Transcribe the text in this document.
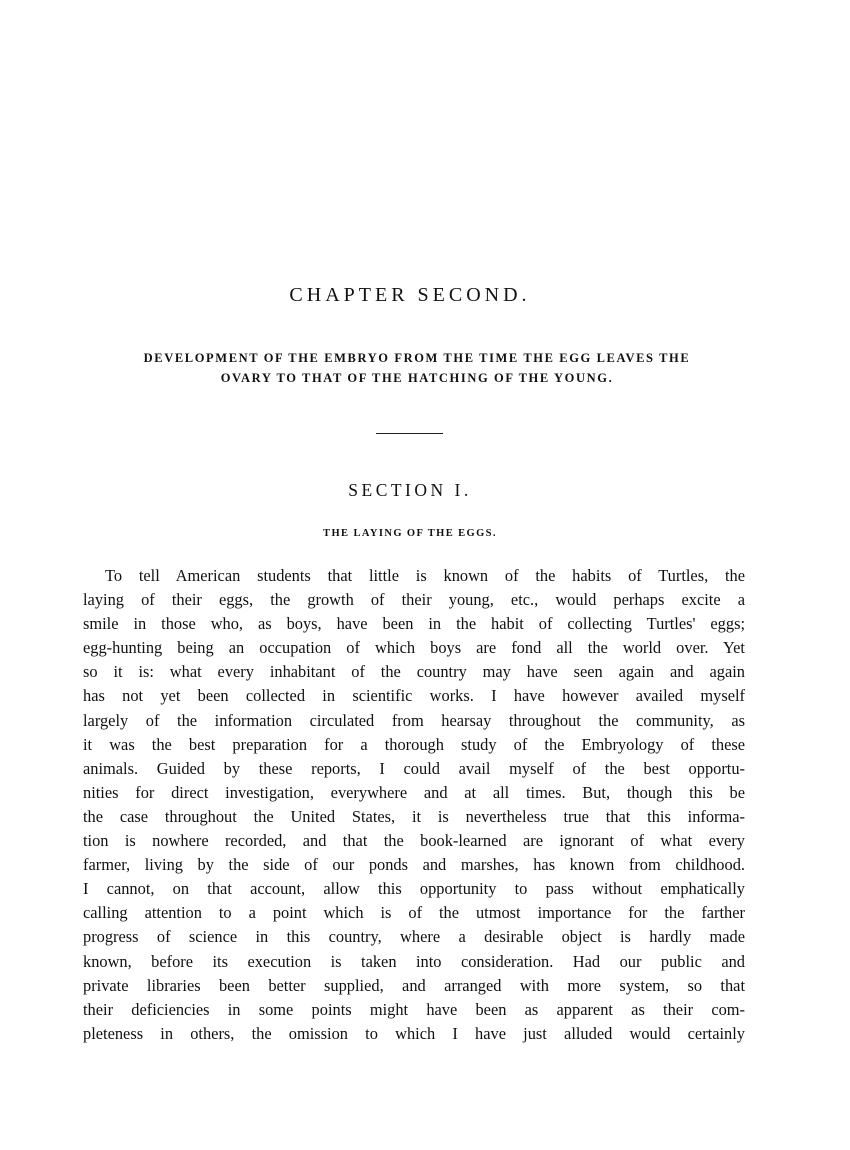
CHAPTER SECOND.
DEVELOPMENT OF THE EMBRYO FROM THE TIME THE EGG LEAVES THE
OVARY TO THAT OF THE HATCHING OF THE YOUNG.
SECTION I.
THE LAYING OF THE EGGS.
To tell American students that little is known of the habits of Turtles, the
laying of their eggs, the growth of their young, etc., would perhaps excite a
smile in those who, as boys, have been in the habit of collecting Turtles' eggs;
egg-hunting being an occupation of which boys are fond all the world over. Yet
so it is: what every inhabitant of the country may have seen again and again
has not yet been collected in scientific works. I have however availed myself
largely of the information circulated from hearsay throughout the community, as
it was the best preparation for a thorough study of the Embryology of these
animals. Guided by these reports, I could avail myself of the best opportu-
nities for direct investigation, everywhere and at all times. But, though this be
the case throughout the United States, it is nevertheless true that this informa-
tion is nowhere recorded, and that the book-learned are ignorant of what every
farmer, living by the side of our ponds and marshes, has known from childhood.
I cannot, on that account, allow this opportunity to pass without emphatically
calling attention to a point which is of the utmost importance for the farther
progress of science in this country, where a desirable object is hardly made
known, before its execution is taken into consideration. Had our public and
private libraries been better supplied, and arranged with more system, so that
their deficiencies in some points might have been as apparent as their com-
pleteness in others, the omission to which I have just alluded would certainly
